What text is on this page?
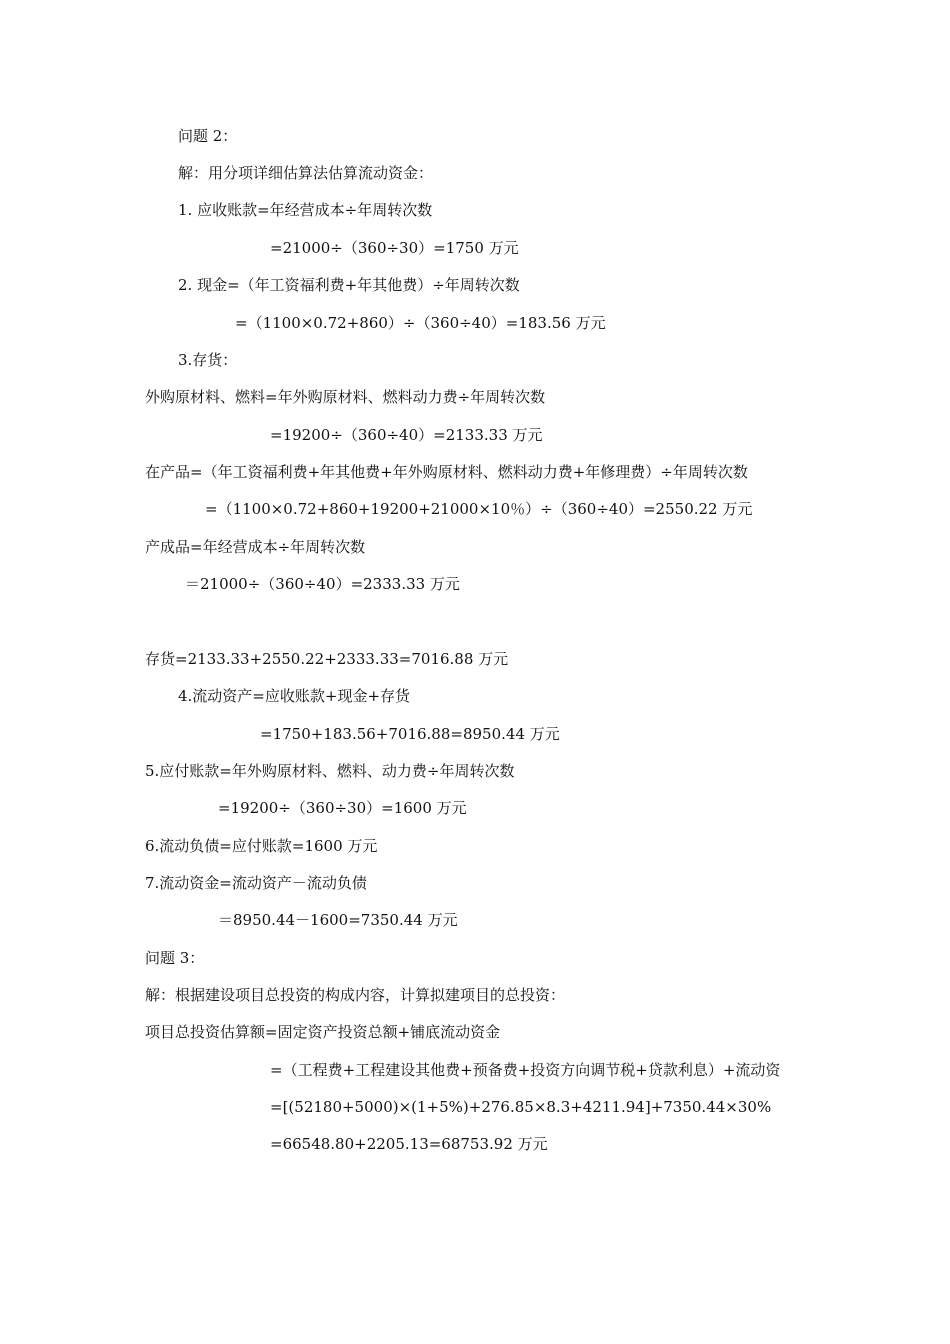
问题 2：
解：用分项详细估算法估算流动资金：
1. 应收账款=年经营成本÷年周转次数
=21000÷（360÷30）=1750 万元
2. 现金=（年工资福利费+年其他费）÷年周转次数
=（1100×0.72+860）÷（360÷40）=183.56 万元
3.存货：
外购原材料、燃料=年外购原材料、燃料动力费÷年周转次数
=19200÷（360÷40）=2133.33 万元
在产品=（年工资福利费+年其他费+年外购原材料、燃料动力费+年修理费）÷年周转次数
=（1100×0.72+860+19200+21000×10％）÷（360÷40）=2550.22 万元
产成品=年经营成本÷年周转次数
＝21000÷（360÷40）=2333.33 万元
存货=2133.33+2550.22+2333.33=7016.88 万元
4.流动资产=应收账款+现金+存货
=1750+183.56+7016.88=8950.44 万元
5.应付账款=年外购原材料、燃料、动力费÷年周转次数
=19200÷（360÷30）=1600 万元
6.流动负债=应付账款=1600 万元
7.流动资金=流动资产－流动负债
＝8950.44－1600=7350.44 万元
问题 3：
解：根据建设项目总投资的构成内容，计算拟建项目的总投资：
项目总投资估算额=固定资产投资总额+铺底流动资金
=（工程费+工程建设其他费+预备费+投资方向调节税+贷款利息）+流动资
=[(52180+5000)×(1+5%)+276.85×8.3+4211.94]+7350.44×30%
=66548.80+2205.13=68753.92 万元
